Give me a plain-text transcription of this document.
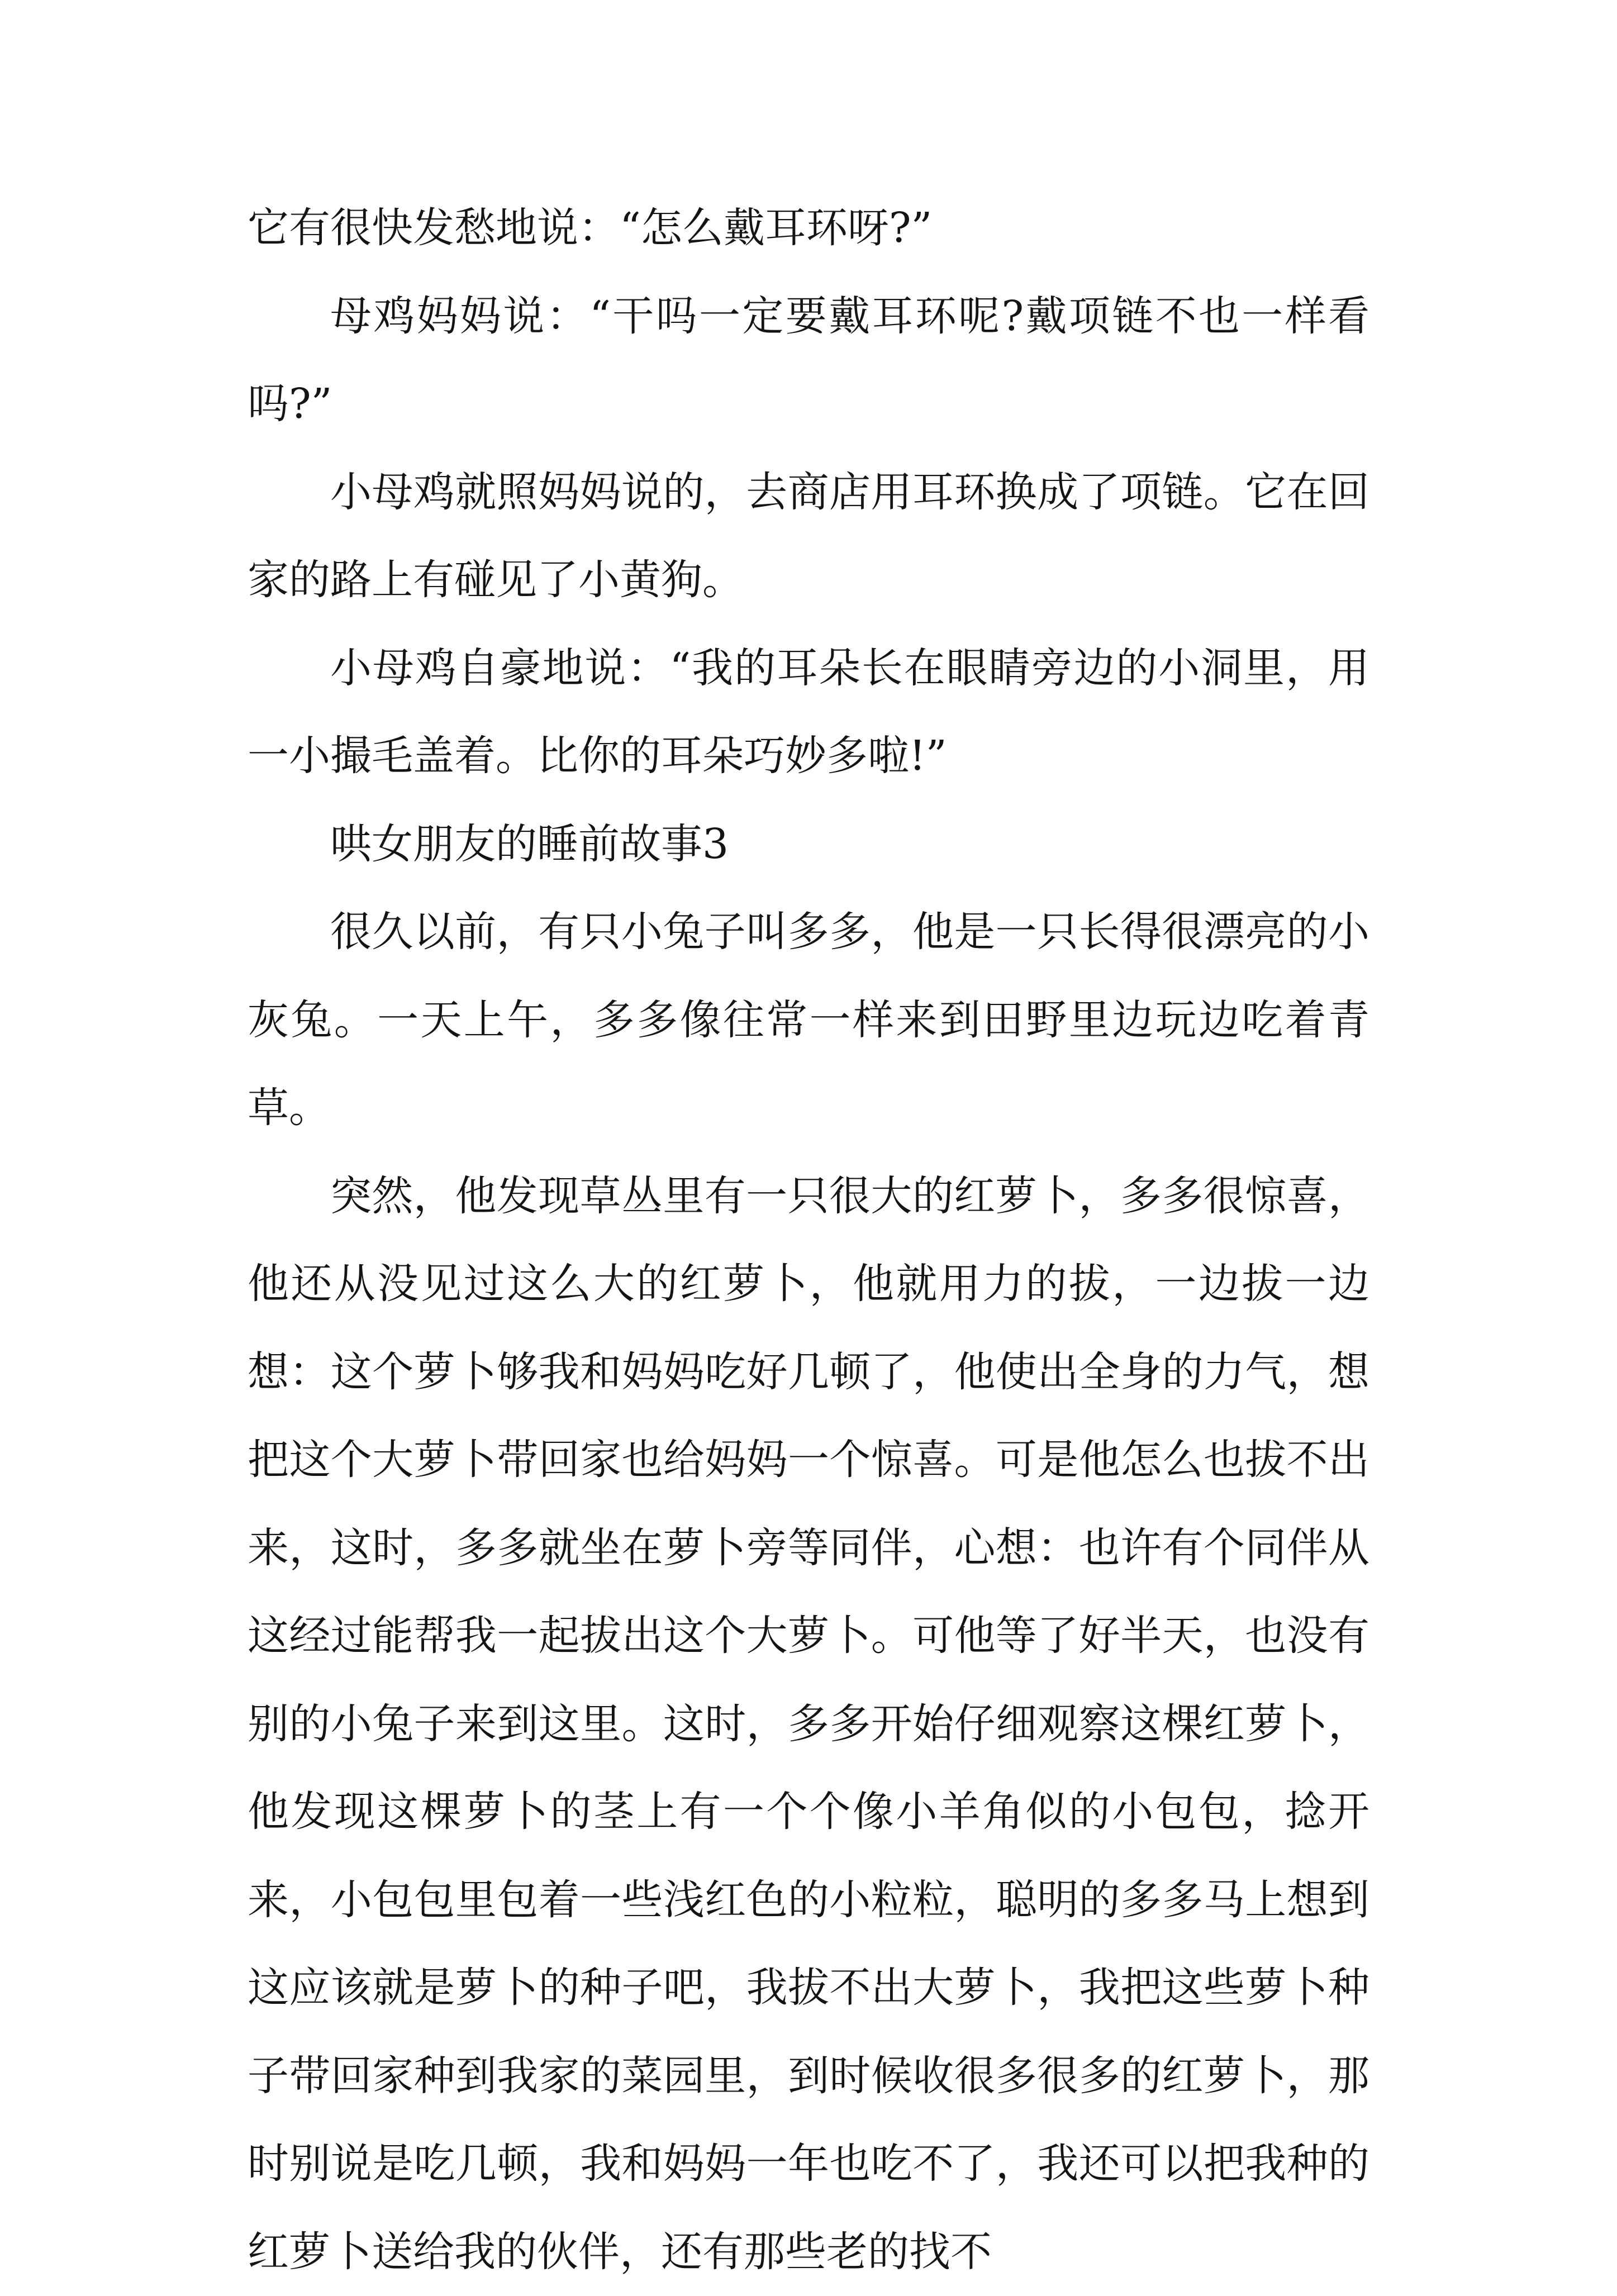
它有很快发愁地说：“怎么戴耳环呀?”

母鸡妈妈说：“干吗一定要戴耳环呢?戴项链不也一样看吗?”

小母鸡就照妈妈说的，去商店用耳环换成了项链。它在回家的路上有碰见了小黄狗。

小母鸡自豪地说：“我的耳朵长在眼睛旁边的小洞里，用一小撮毛盖着。比你的耳朵巧妙多啦!”

哄女朋友的睡前故事3

很久以前，有只小兔子叫多多，他是一只长得很漂亮的小灰兔。一天上午，多多像往常一样来到田野里边玩边吃着青草。

突然，他发现草丛里有一只很大的红萝卜，多多很惊喜，他还从没见过这么大的红萝卜，他就用力的拔，一边拔一边想：这个萝卜够我和妈妈吃好几顿了，他使出全身的力气，想把这个大萝卜带回家也给妈妈一个惊喜。可是他怎么也拔不出来，这时，多多就坐在萝卜旁等同伴，心想：也许有个同伴从这经过能帮我一起拔出这个大萝卜。可他等了好半天，也没有别的小兔子来到这里。这时，多多开始仔细观察这棵红萝卜，他发现这棵萝卜的茎上有一个个像小羊角似的小包包，捻开来，小包包里包着一些浅红色的小粒粒，聪明的多多马上想到这应该就是萝卜的种子吧，我拔不出大萝卜，我把这些萝卜种子带回家种到我家的菜园里，到时候收很多很多的红萝卜，那时别说是吃几顿，我和妈妈一年也吃不了，我还可以把我种的红萝卜送给我的伙伴，还有那些老的找不
